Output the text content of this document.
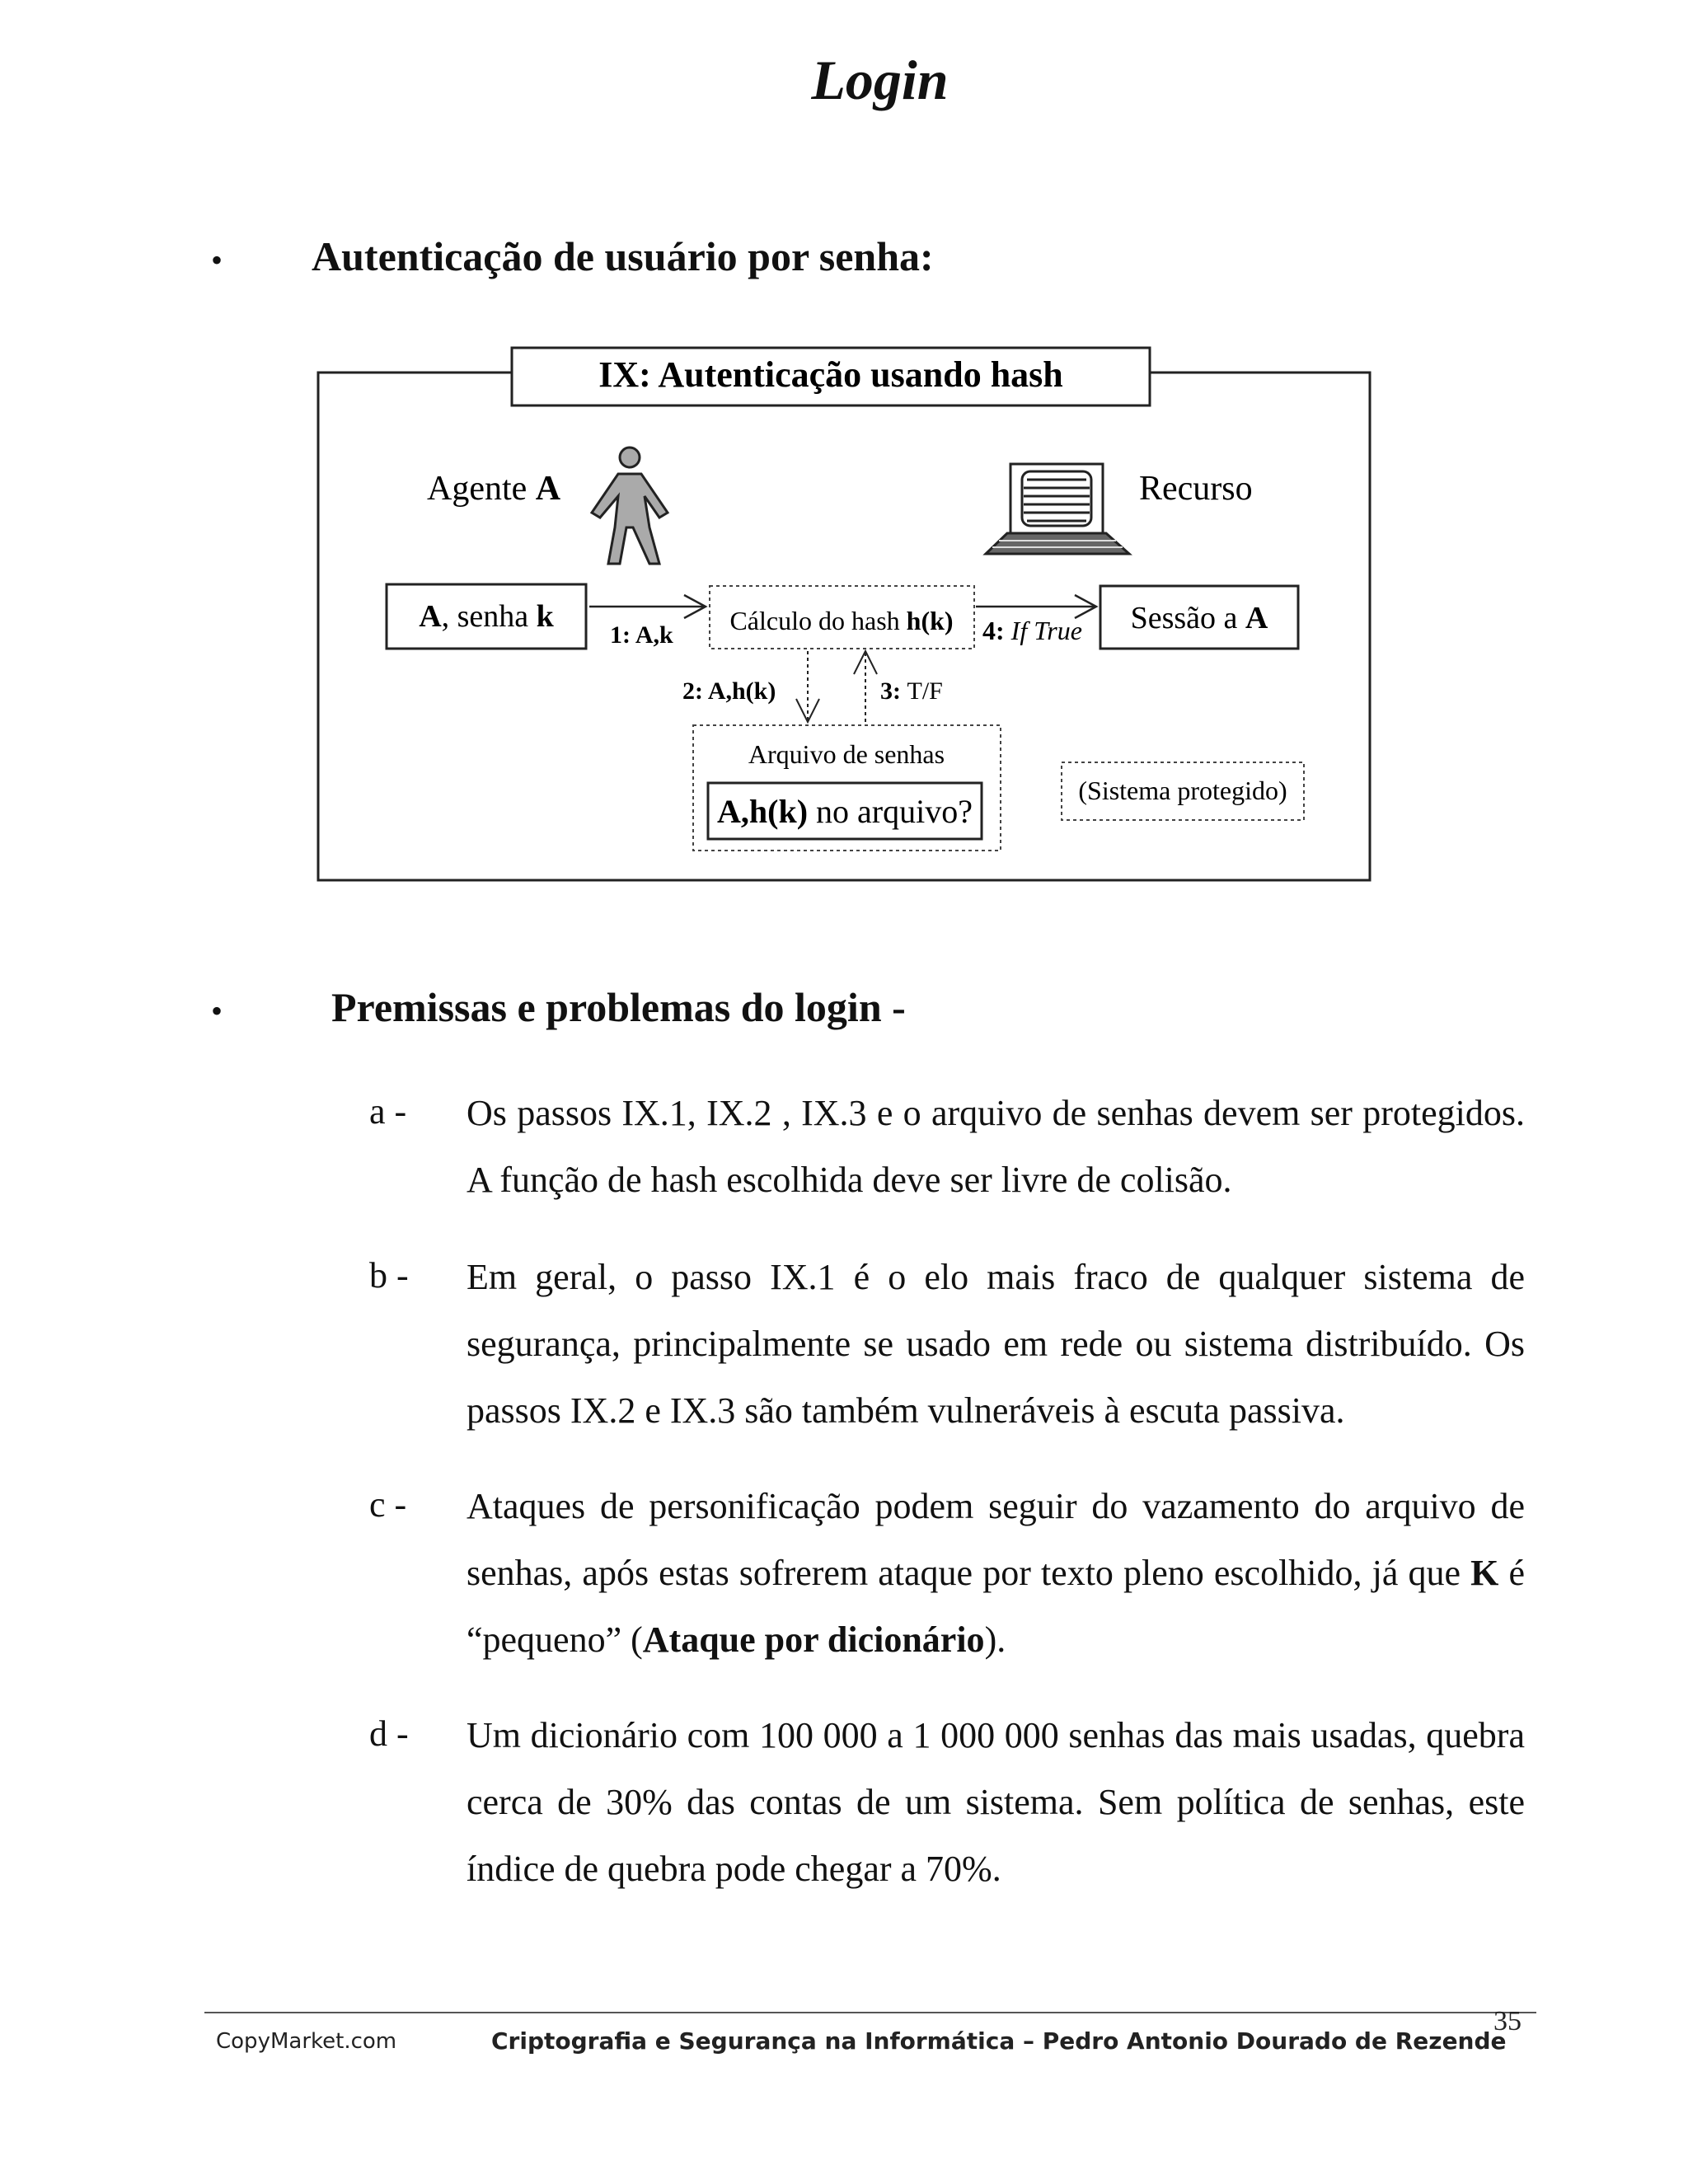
Login
• Autenticação de usuário por senha:
IX: Autenticação usando hash
Agente A	Recurso
A, senha k
1: A,k Cálculo do hash h(k) 4: If True Sessão a A
2: A,h(k)	3: T/F
Arquivo de senhas
A,h(k) no arquivo?
(Sistema protegido)
•	Premissas e problemas do login -
a - Os passos IX.1, IX.2 , IX.3 e o arquivo de senhas devem ser protegidos. A função de hash escolhida deve ser livre de colisão.
b - Em geral, o passo IX.1 é o elo mais fraco de qualquer sistema de segurança, principalmente se usado em rede ou sistema distribuído. Os passos IX.2 e IX.3 são também vulneráveis à escuta passiva.
c - Ataques de personificação podem seguir do vazamento do arquivo de senhas, após estas sofrerem ataque por texto pleno escolhido, já que K é “pequeno” (Ataque por dicionário).
d - Um dicionário com 100 000 a 1 000 000 senhas das mais usadas, quebra cerca de 30% das contas de um sistema. Sem política de senhas, este índice de quebra pode chegar a 70%.
CopyMarket.com	Criptografia e Segurança na Informática – Pedro Antonio Dourado de Rezende
35
